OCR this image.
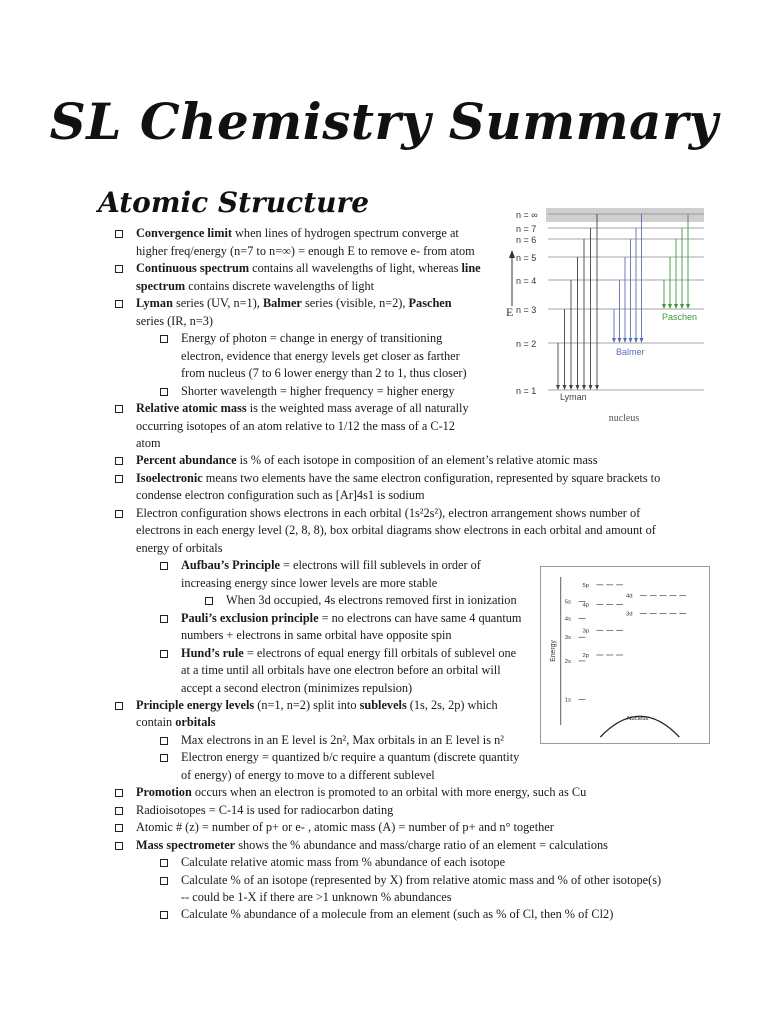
SL Chemistry Summary
Atomic Structure
Convergence limit when lines of hydrogen spectrum converge at
higher freq/energy (n=7 to n=∞) = enough E to remove e- from atom
Continuous spectrum contains all wavelengths of light, whereas line
spectrum contains discrete wavelengths of light
Lyman series (UV, n=1), Balmer series (visible, n=2), Paschen
series (IR, n=3)
Energy of photon = change in energy of transitioning
electron, evidence that energy levels get closer as farther
from nucleus (7 to 6 lower energy than 2 to 1, thus closer)
Shorter wavelength = higher frequency = higher energy
Relative atomic mass is the weighted mass average of all naturally
occurring isotopes of an atom relative to 1/12 the mass of a C-12
atom
Percent abundance is % of each isotope in composition of an element’s relative atomic mass
Isoelectronic means two elements have the same electron configuration, represented by square brackets to
condense electron configuration such as [Ar]4s1 is sodium
Electron configuration shows electrons in each orbital (1s²2s²), electron arrangement shows number of
electrons in each energy level (2, 8, 8), box orbital diagrams show electrons in each orbital and amount of
energy of orbitals
Aufbau’s Principle = electrons will fill sublevels in order of
increasing energy since lower levels are more stable
When 3d occupied, 4s electrons removed first in ionization
Pauli’s exclusion principle = no electrons can have same 4 quantum
numbers + electrons in same orbital have opposite spin
Hund’s rule = electrons of equal energy fill orbitals of sublevel one
at a time until all orbitals have one electron before an orbital will
accept a second electron (minimizes repulsion)
Principle energy levels (n=1, n=2) split into sublevels (1s, 2s, 2p) which
contain orbitals
Max electrons in an E level is 2n², Max orbitals in an E level is n²
Electron energy = quantized b/c require a quantum (discrete quantity
of energy) of energy to move to a different sublevel
Promotion occurs when an electron is promoted to an orbital with more energy, such as Cu
Radioisotopes = C-14 is used for radiocarbon dating
Atomic # (z) = number of p+ or e- , atomic mass (A) = number of p+ and n° together
Mass spectrometer shows the % abundance and mass/charge ratio of an element = calculations
Calculate relative atomic mass from % abundance of each isotope
Calculate % of an isotope (represented by X) from relative atomic mass and % of other isotope(s)
-- could be 1-X if there are >1 unknown % abundances
Calculate % abundance of a molecule from an element (such as % of Cl, then % of Cl2)
n = ∞
n = 7
n = 6
n = 5
n = 4
n = 3
n = 2
n = 1
E
Lyman
Balmer
Paschen
nucleus
Energy
5p
4d
5s 4p
3d
4s
3p
3s
2p
2s
1s
Nucleus
